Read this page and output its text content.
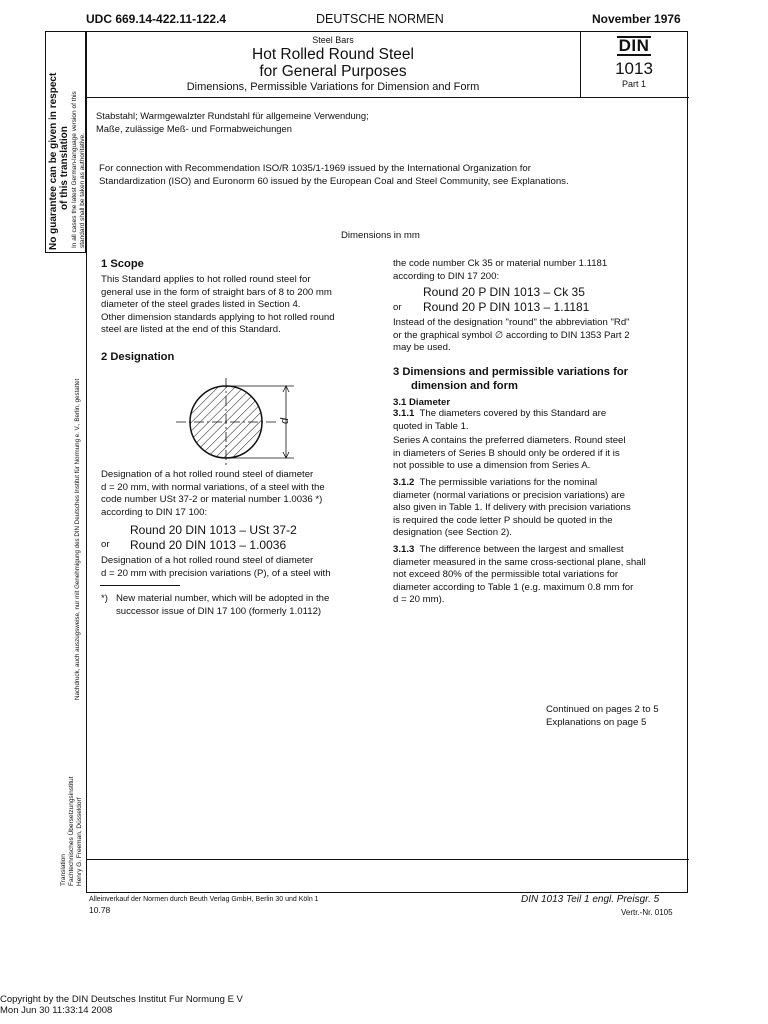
UDC 669.14-422.11-122.4	DEUTSCHE NORMEN	November 1976
Steel Bars
Hot Rolled Round Steel
for General Purposes
Dimensions, Permissible Variations for Dimension and Form
DIN
1013
Part 1
Stabstahl; Warmgewalzter Rundstahl für allgemeine Verwendung;
Maße, zulässige Meß- und Formabweichungen
For connection with Recommendation ISO/R 1035/1-1969 issued by the International Organization for
Standardization (ISO) and Euronorm 60 issued by the European Coal and Steel Community, see Explanations.
Dimensions in mm
1 Scope
This Standard applies to hot rolled round steel for
general use in the form of straight bars of 8 to 200 mm
diameter of the steel grades listed in Section 4.
Other dimension standards applying to hot rolled round
steel are listed at the end of this Standard.
2 Designation
d
Designation of a hot rolled round steel of diameter
d = 20 mm, with normal variations, of a steel with the
code number USt 37-2 or material number 1.0036 *)
according to DIN 17 100:
Round 20 DIN 1013 – USt 37-2
or Round 20 DIN 1013 – 1.0036
Designation of a hot rolled round steel of diameter
d = 20 mm with precision variations (P), of a steel with
*) New material number, which will be adopted in the
successor issue of DIN 17 100 (formerly 1.0112)
the code number Ck 35 or material number 1.1181
according to DIN 17 200:
Round 20 P DIN 1013 – Ck 35
or Round 20 P DIN 1013 – 1.1181
Instead of the designation "round" the abbreviation "Rd"
or the graphical symbol ∅ according to DIN 1353 Part 2
may be used.
3 Dimensions and permissible variations for
dimension and form
3.1 Diameter
3.1.1 The diameters covered by this Standard are
quoted in Table 1.
Series A contains the preferred diameters. Round steel
in diameters of Series B should only be ordered if it is
not possible to use a dimension from Series A.
3.1.2 The permissible variations for the nominal
diameter (normal variations or precision variations) are
also given in Table 1. If delivery with precision variations
is required the code letter P should be quoted in the
designation (see Section 2).
3.1.3 The difference between the largest and smallest
diameter measured in the same cross-sectional plane, shall
not exceed 80% of the permissible total variations for
diameter according to Table 1 (e.g. maximum 0.8 mm for
d = 20 mm).
Continued on pages 2 to 5
Explanations on page 5
No guarantee can be given in respect of this translation In all cases the latest German-language version of this standard shall be taken as authoritative.
Nachdruck, auch auszugsweise, nur mit Genehmigung des DIN Deutsches Institut für Normung e. V., Berlin, gestattet
Translation Fachtechnisches Übersetzungsinstitut Henry G. Freeman, Düsseldorf
Alleinverkauf der Normen durch Beuth Verlag GmbH, Berlin 30 und Köln 1
10.78
DIN 1013 Teil 1 engl. Preisgr. 5
Vertr.-Nr. 0105
Copyright by the DIN Deutsches Institut Fur Normung E V
Mon Jun 30 11:33:14 2008
